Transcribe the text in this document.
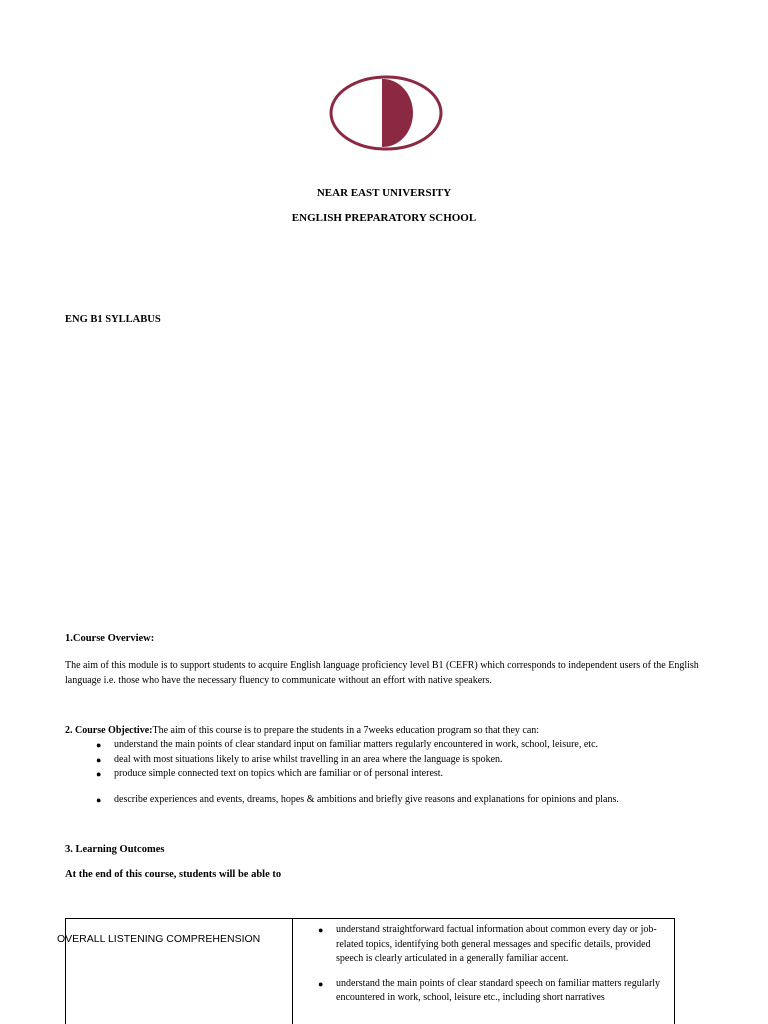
NEAR EAST UNIVERSITY
ENGLISH PREPARATORY SCHOOL
ENG B1 SYLLABUS
1.Course Overview:
The aim of this module is to support students to acquire English language proficiency level B1 (CEFR) which corresponds to independent users of the English language i.e. those who have the necessary fluency to communicate without an effort with native speakers.
2. Course Objective:The aim of this course is to prepare the students in a 7weeks education program so that they can:
● understand the main points of clear standard input on familiar matters regularly encountered in work, school, leisure, etc.
● deal with most situations likely to arise whilst travelling in an area where the language is spoken.
● produce simple connected text on topics which are familiar or of personal interest.
● describe experiences and events, dreams, hopes & ambitions and briefly give reasons and explanations for opinions and plans.
3. Learning Outcomes
At the end of this course, students will be able to
OVERALL LISTENING COMPREHENSION
● understand straightforward factual information about common every day or job-related topics, identifying both general messages and specific details, provided speech is clearly articulated in a generally familiar accent.
● understand the main points of clear standard speech on familiar matters regularly encountered in work, school, leisure etc., including short narratives
